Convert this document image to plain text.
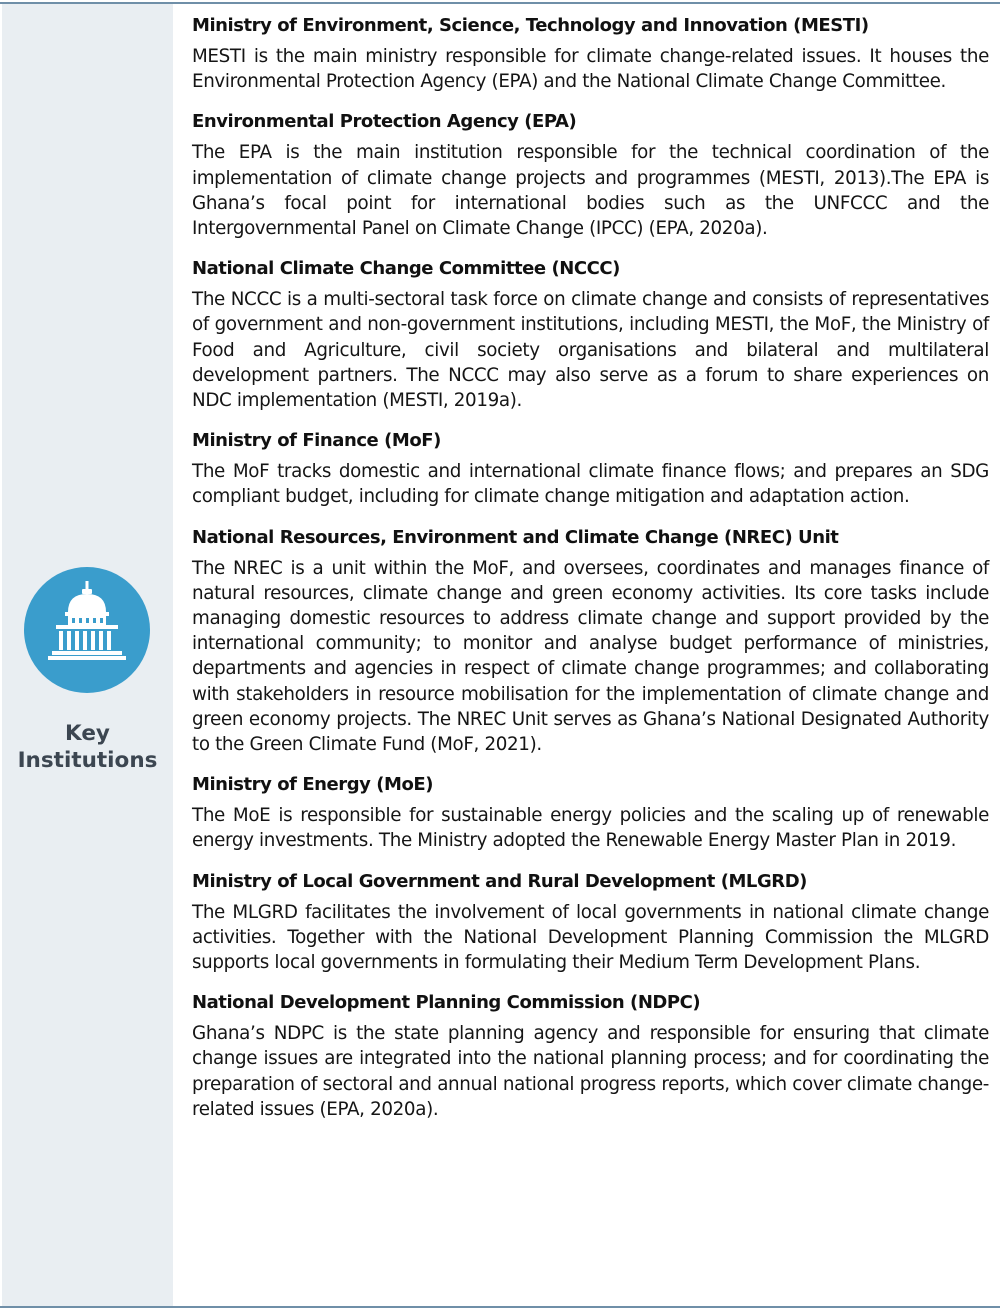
Key Institutions
Ministry of Environment, Science, Technology and Innovation (MESTI)

MESTI is the main ministry responsible for climate change-related issues. It houses the Environmental Protection Agency (EPA) and the National Climate Change Committee.

Environmental Protection Agency (EPA)

The EPA is the main institution responsible for the technical coordination of the implementation of climate change projects and programmes (MESTI, 2013).The EPA is Ghana’s focal point for international bodies such as the UNFCCC and the Intergovernmental Panel on Climate Change (IPCC) (EPA, 2020a).

National Climate Change Committee (NCCC)

The NCCC is a multi-sectoral task force on climate change and consists of representatives of government and non-government institutions, including MESTI, the MoF, the Ministry of Food and Agriculture, civil society organisations and bilateral and multilateral development partners. The NCCC may also serve as a forum to share experiences on NDC implementation (MESTI, 2019a).

Ministry of Finance (MoF)

The MoF tracks domestic and international climate finance flows; and prepares an SDG compliant budget, including for climate change mitigation and adaptation action.

National Resources, Environment and Climate Change (NREC) Unit

The NREC is a unit within the MoF, and oversees, coordinates and manages finance of natural resources, climate change and green economy activities. Its core tasks include managing domestic resources to address climate change and support provided by the international community; to monitor and analyse budget performance of ministries, departments and agencies in respect of climate change programmes; and collaborating with stakeholders in resource mobilisation for the implementation of climate change and green economy projects. The NREC Unit serves as Ghana’s National Designated Authority to the Green Climate Fund (MoF, 2021).

Ministry of Energy (MoE)

The MoE is responsible for sustainable energy policies and the scaling up of renewable energy investments. The Ministry adopted the Renewable Energy Master Plan in 2019.

Ministry of Local Government and Rural Development (MLGRD)

The MLGRD facilitates the involvement of local governments in national climate change activities. Together with the National Development Planning Commission the MLGRD supports local governments in formulating their Medium Term Development Plans.

National Development Planning Commission (NDPC)

Ghana’s NDPC is the state planning agency and responsible for ensuring that climate change issues are integrated into the national planning process; and for coordinating the preparation of sectoral and annual national progress reports, which cover climate change-related issues (EPA, 2020a).
